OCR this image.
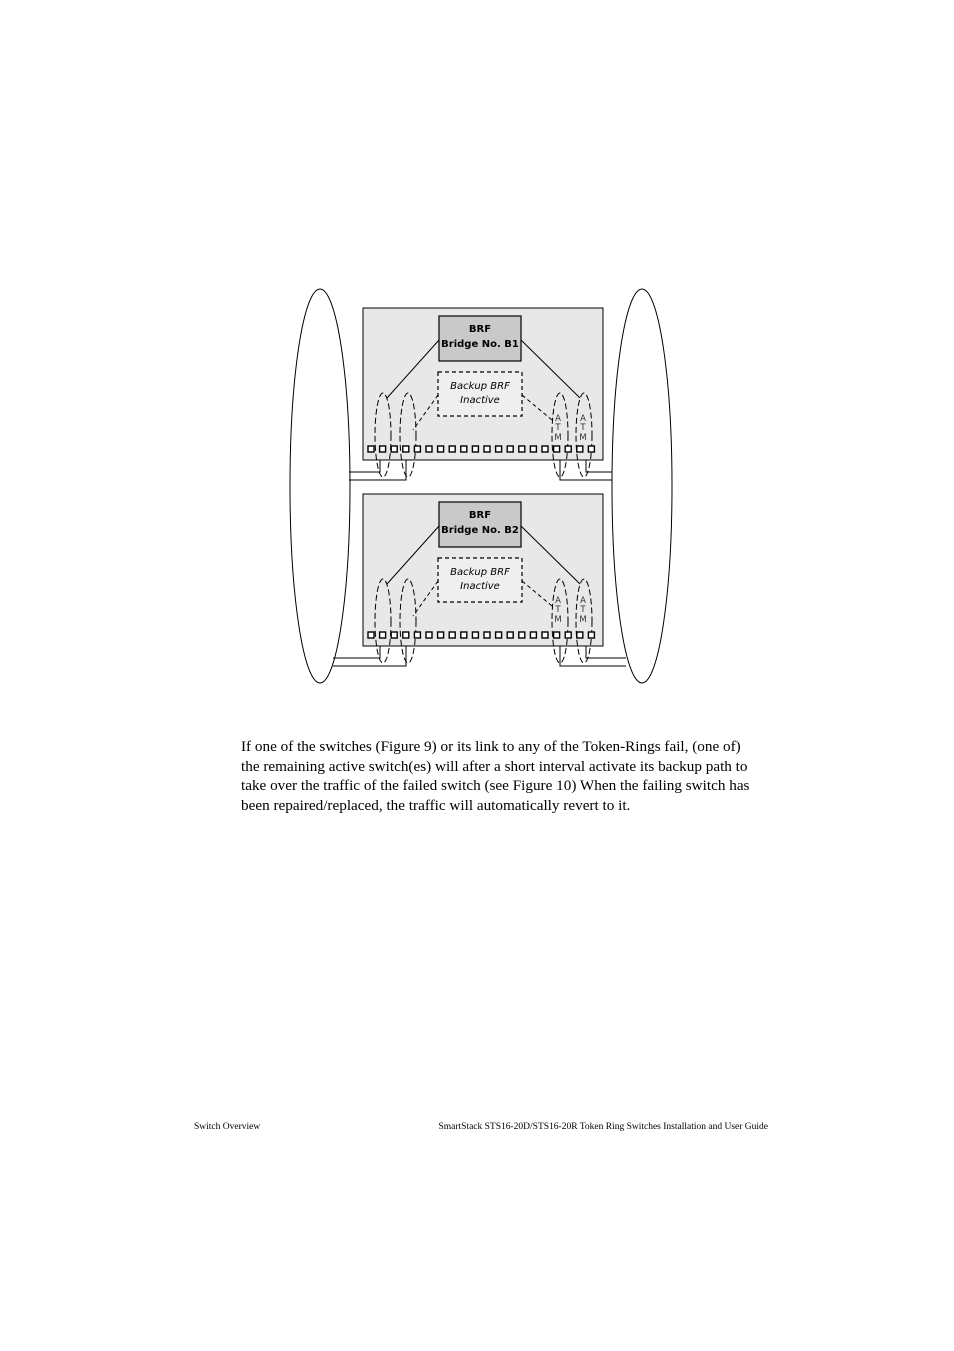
BRF
Bridge No. B1
Backup BRF
Inactive
A
T
M
A
T
M
BRF
Bridge No. B2
Backup BRF
Inactive
A
T
M
A
T
M

If one of the switches (Figure 9) or its link to any of the Token-Rings fail, (one of)
the remaining active switch(es) will after a short interval activate its backup path to
take over the traffic of the failed switch (see Figure 10) When the failing switch has
been repaired/replaced, the traffic will automatically revert to it.

Switch Overview	SmartStack STS16-20D/STS16-20R Token Ring Switches Installation and User Guide
